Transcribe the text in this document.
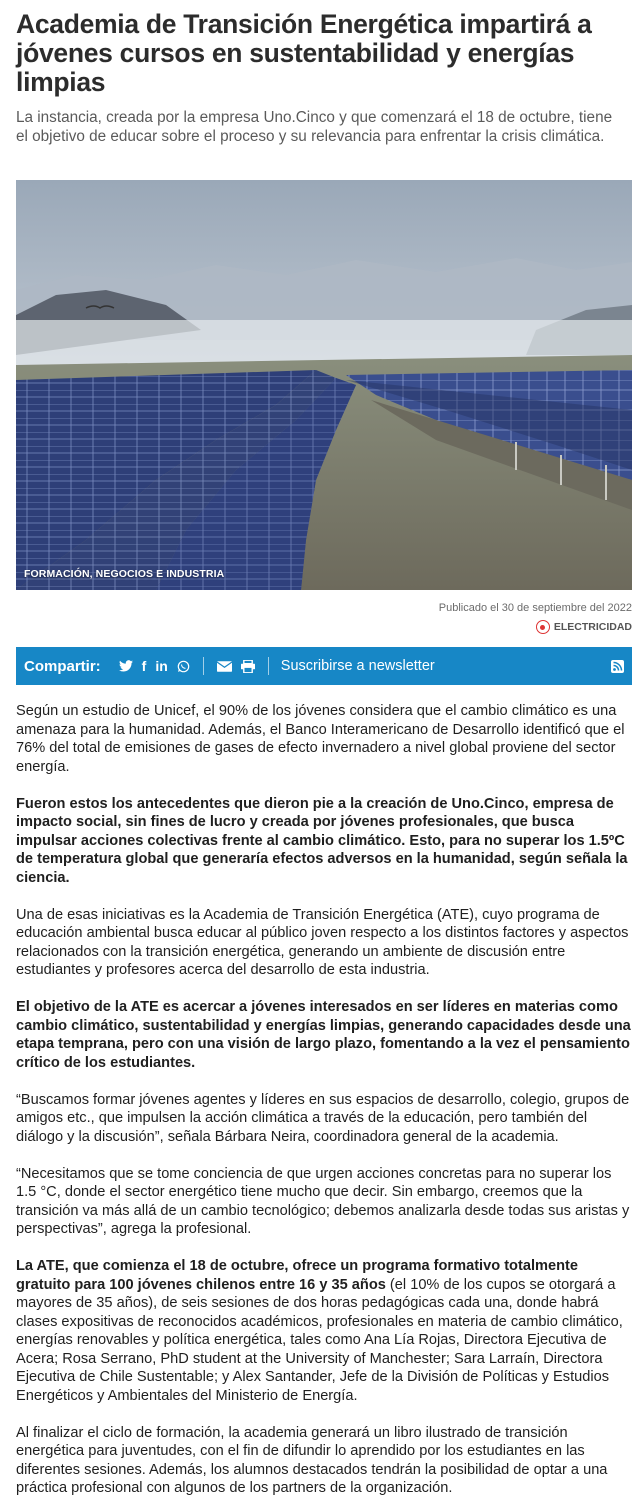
Academia de Transición Energética impartirá a jóvenes cursos en sustentabilidad y energías limpias

La instancia, creada por la empresa Uno.Cinco y que comenzará el 18 de octubre, tiene el objetivo de educar sobre el proceso y su relevancia para enfrentar la crisis climática.

FORMACIÓN, NEGOCIOS E INDUSTRIA
Publicado el 30 de septiembre del 2022
ELECTRICIDAD
Compartir:	f in	Suscribirse a newsletter

Según un estudio de Unicef, el 90% de los jóvenes considera que el cambio climático es una amenaza para la humanidad. Además, el Banco Interamericano de Desarrollo identificó que el 76% del total de emisiones de gases de efecto invernadero a nivel global proviene del sector energía.

Fueron estos los antecedentes que dieron pie a la creación de Uno.Cinco, empresa de impacto social, sin fines de lucro y creada por jóvenes profesionales, que busca impulsar acciones colectivas frente al cambio climático. Esto, para no superar los 1.5ºC de temperatura global que generaría efectos adversos en la humanidad, según señala la ciencia.

Una de esas iniciativas es la Academia de Transición Energética (ATE), cuyo programa de educación ambiental busca educar al público joven respecto a los distintos factores y aspectos relacionados con la transición energética, generando un ambiente de discusión entre estudiantes y profesores acerca del desarrollo de esta industria.

El objetivo de la ATE es acercar a jóvenes interesados en ser líderes en materias como cambio climático, sustentabilidad y energías limpias, generando capacidades desde una etapa temprana, pero con una visión de largo plazo, fomentando a la vez el pensamiento crítico de los estudiantes.

“Buscamos formar jóvenes agentes y líderes en sus espacios de desarrollo, colegio, grupos de amigos etc., que impulsen la acción climática a través de la educación, pero también del diálogo y la discusión”, señala Bárbara Neira, coordinadora general de la academia.

“Necesitamos que se tome conciencia de que urgen acciones concretas para no superar los 1.5 °C, donde el sector energético tiene mucho que decir. Sin embargo, creemos que la transición va más allá de un cambio tecnológico; debemos analizarla desde todas sus aristas y perspectivas”, agrega la profesional.

La ATE, que comienza el 18 de octubre, ofrece un programa formativo totalmente gratuito para 100 jóvenes chilenos entre 16 y 35 años (el 10% de los cupos se otorgará a mayores de 35 años), de seis sesiones de dos horas pedagógicas cada una, donde habrá clases expositivas de reconocidos académicos, profesionales en materia de cambio climático, energías renovables y política energética, tales como Ana Lía Rojas, Directora Ejecutiva de Acera; Rosa Serrano, PhD student at the University of Manchester; Sara Larraín, Directora Ejecutiva de Chile Sustentable; y Alex Santander, Jefe de la División de Políticas y Estudios Energéticos y Ambientales del Ministerio de Energía.

Al finalizar el ciclo de formación, la academia generará un libro ilustrado de transición energética para juventudes, con el fin de difundir lo aprendido por los estudiantes en las diferentes sesiones. Además, los alumnos destacados tendrán la posibilidad de optar a una práctica profesional con algunos de los partners de la organización.
